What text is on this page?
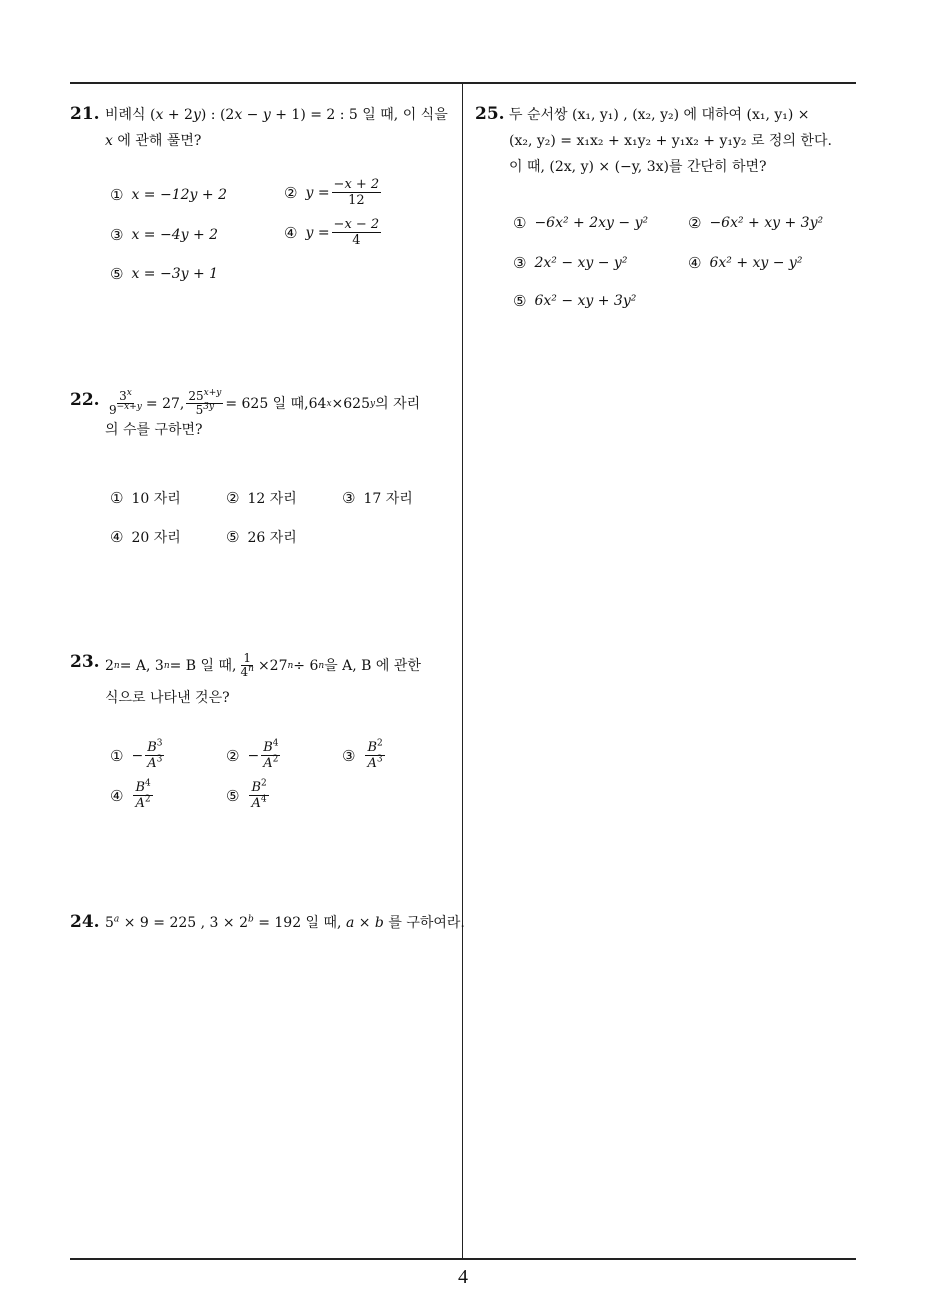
21. 비례식 (x + 2y) : (2x − y + 1) = 2 : 5 일 때, 이 식을
x 에 관해 풀면?
① x = −12y + 2	② $y = \frac{-x + 2}{12}$
③ x = −4y + 2	④ $y = \frac{-x - 2}{4}$
⑤ x = −3y + 1
22. $\frac{3^x}{9^{-x+y}} = 27$, $\frac{25^{x+y}}{5^{3y}} = 625$ 일 때, 64 x ×625 y 의 자리
의 수를 구하면?
① 10 자리	② 12 자리	③ 17 자리
④ 20 자리	⑤ 26 자리
23. 2 n = A, 3 n = B 일 때, $\frac{1}{4^n} \times 27$ n ÷ 6 n 을 A, B 에 관한
식으로 나타낸 것은?
① − $\frac{B^3}{A^3}$	② − $\frac{B^4}{A^2}$	③ $\frac{B^2}{A^3}$
④ $\frac{B^4}{A^2}$	⑤ $\frac{B^2}{A^4}$
24. $5^a \times 9 = 225$ , $3 \times 2^b = 192$ 일 때, a × b 를 구하여라.
25. 두 순서쌍 (x₁, y₁) , (x₂, y₂) 에 대하여 (x₁, y₁) ×
(x₂, y₂) = x₁x₂ + x₁y₂ + y₁x₂ + y₁y₂ 로 정의 한다.
이 때, (2x, y) × (−y, 3x)를 간단히 하면?
① −6x² + 2xy − y²	② −6x² + xy + 3y²
③ 2x² − xy − y²	④ 6x² + xy − y²
⑤ 6x² − xy + 3y²
4
